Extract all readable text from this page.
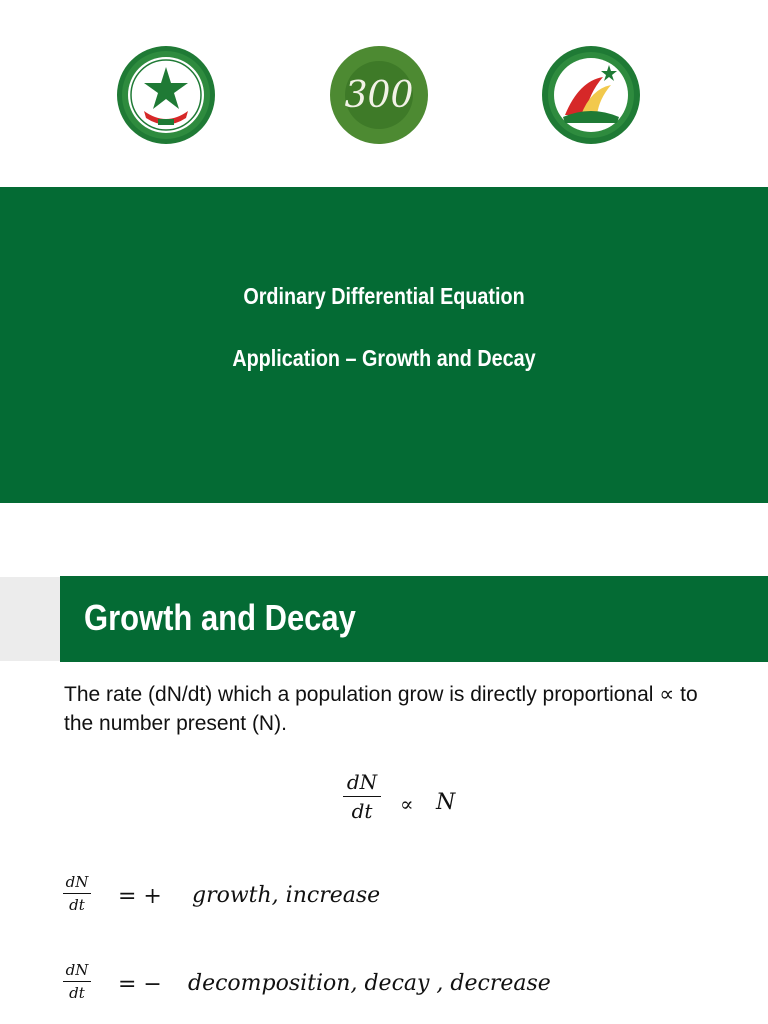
300
Ordinary Differential Equation
Application – Growth and Decay
Growth and Decay
The rate (dN/dt) which a population grow is directly proportional ∝ to the number present (N).
dN
dt	∝ N
dN
dt = + growth, increase
dN
dt = − decomposition, decay , decrease
